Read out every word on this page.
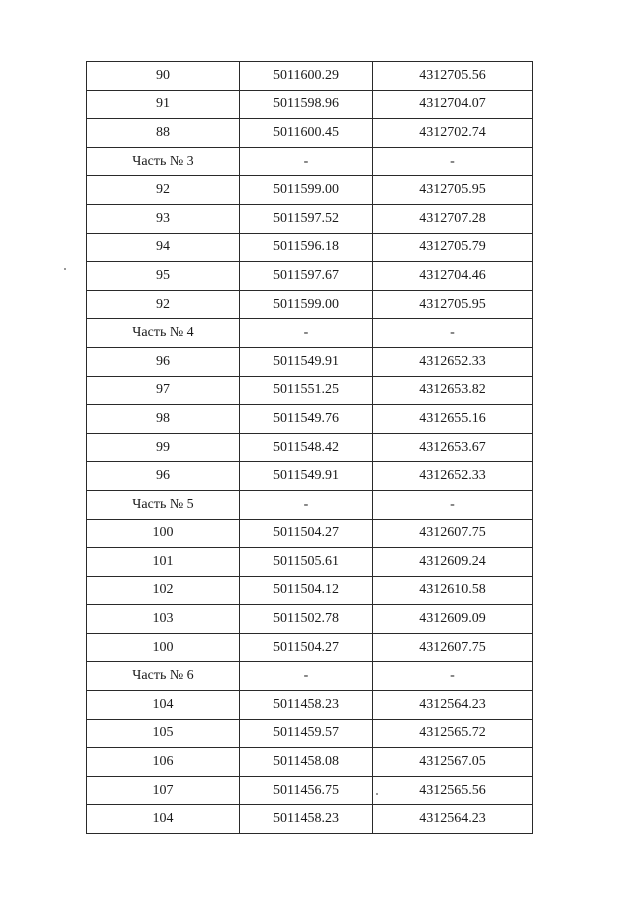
90	5011600.29	4312705.56
91	5011598.96	4312704.07
88	5011600.45	4312702.74
Часть № 3	-	-
92	5011599.00	4312705.95
93	5011597.52	4312707.28
94	5011596.18	4312705.79
95	5011597.67	4312704.46
92	5011599.00	4312705.95
Часть № 4	-	-
96	5011549.91	4312652.33
97	5011551.25	4312653.82
98	5011549.76	4312655.16
99	5011548.42	4312653.67
96	5011549.91	4312652.33
Часть № 5	-	-
100	5011504.27	4312607.75
101	5011505.61	4312609.24
102	5011504.12	4312610.58
103	5011502.78	4312609.09
100	5011504.27	4312607.75
Часть № 6	-	-
104	5011458.23	4312564.23
105	5011459.57	4312565.72
106	5011458.08	4312567.05
107	5011456.75	4312565.56
104	5011458.23	4312564.23
